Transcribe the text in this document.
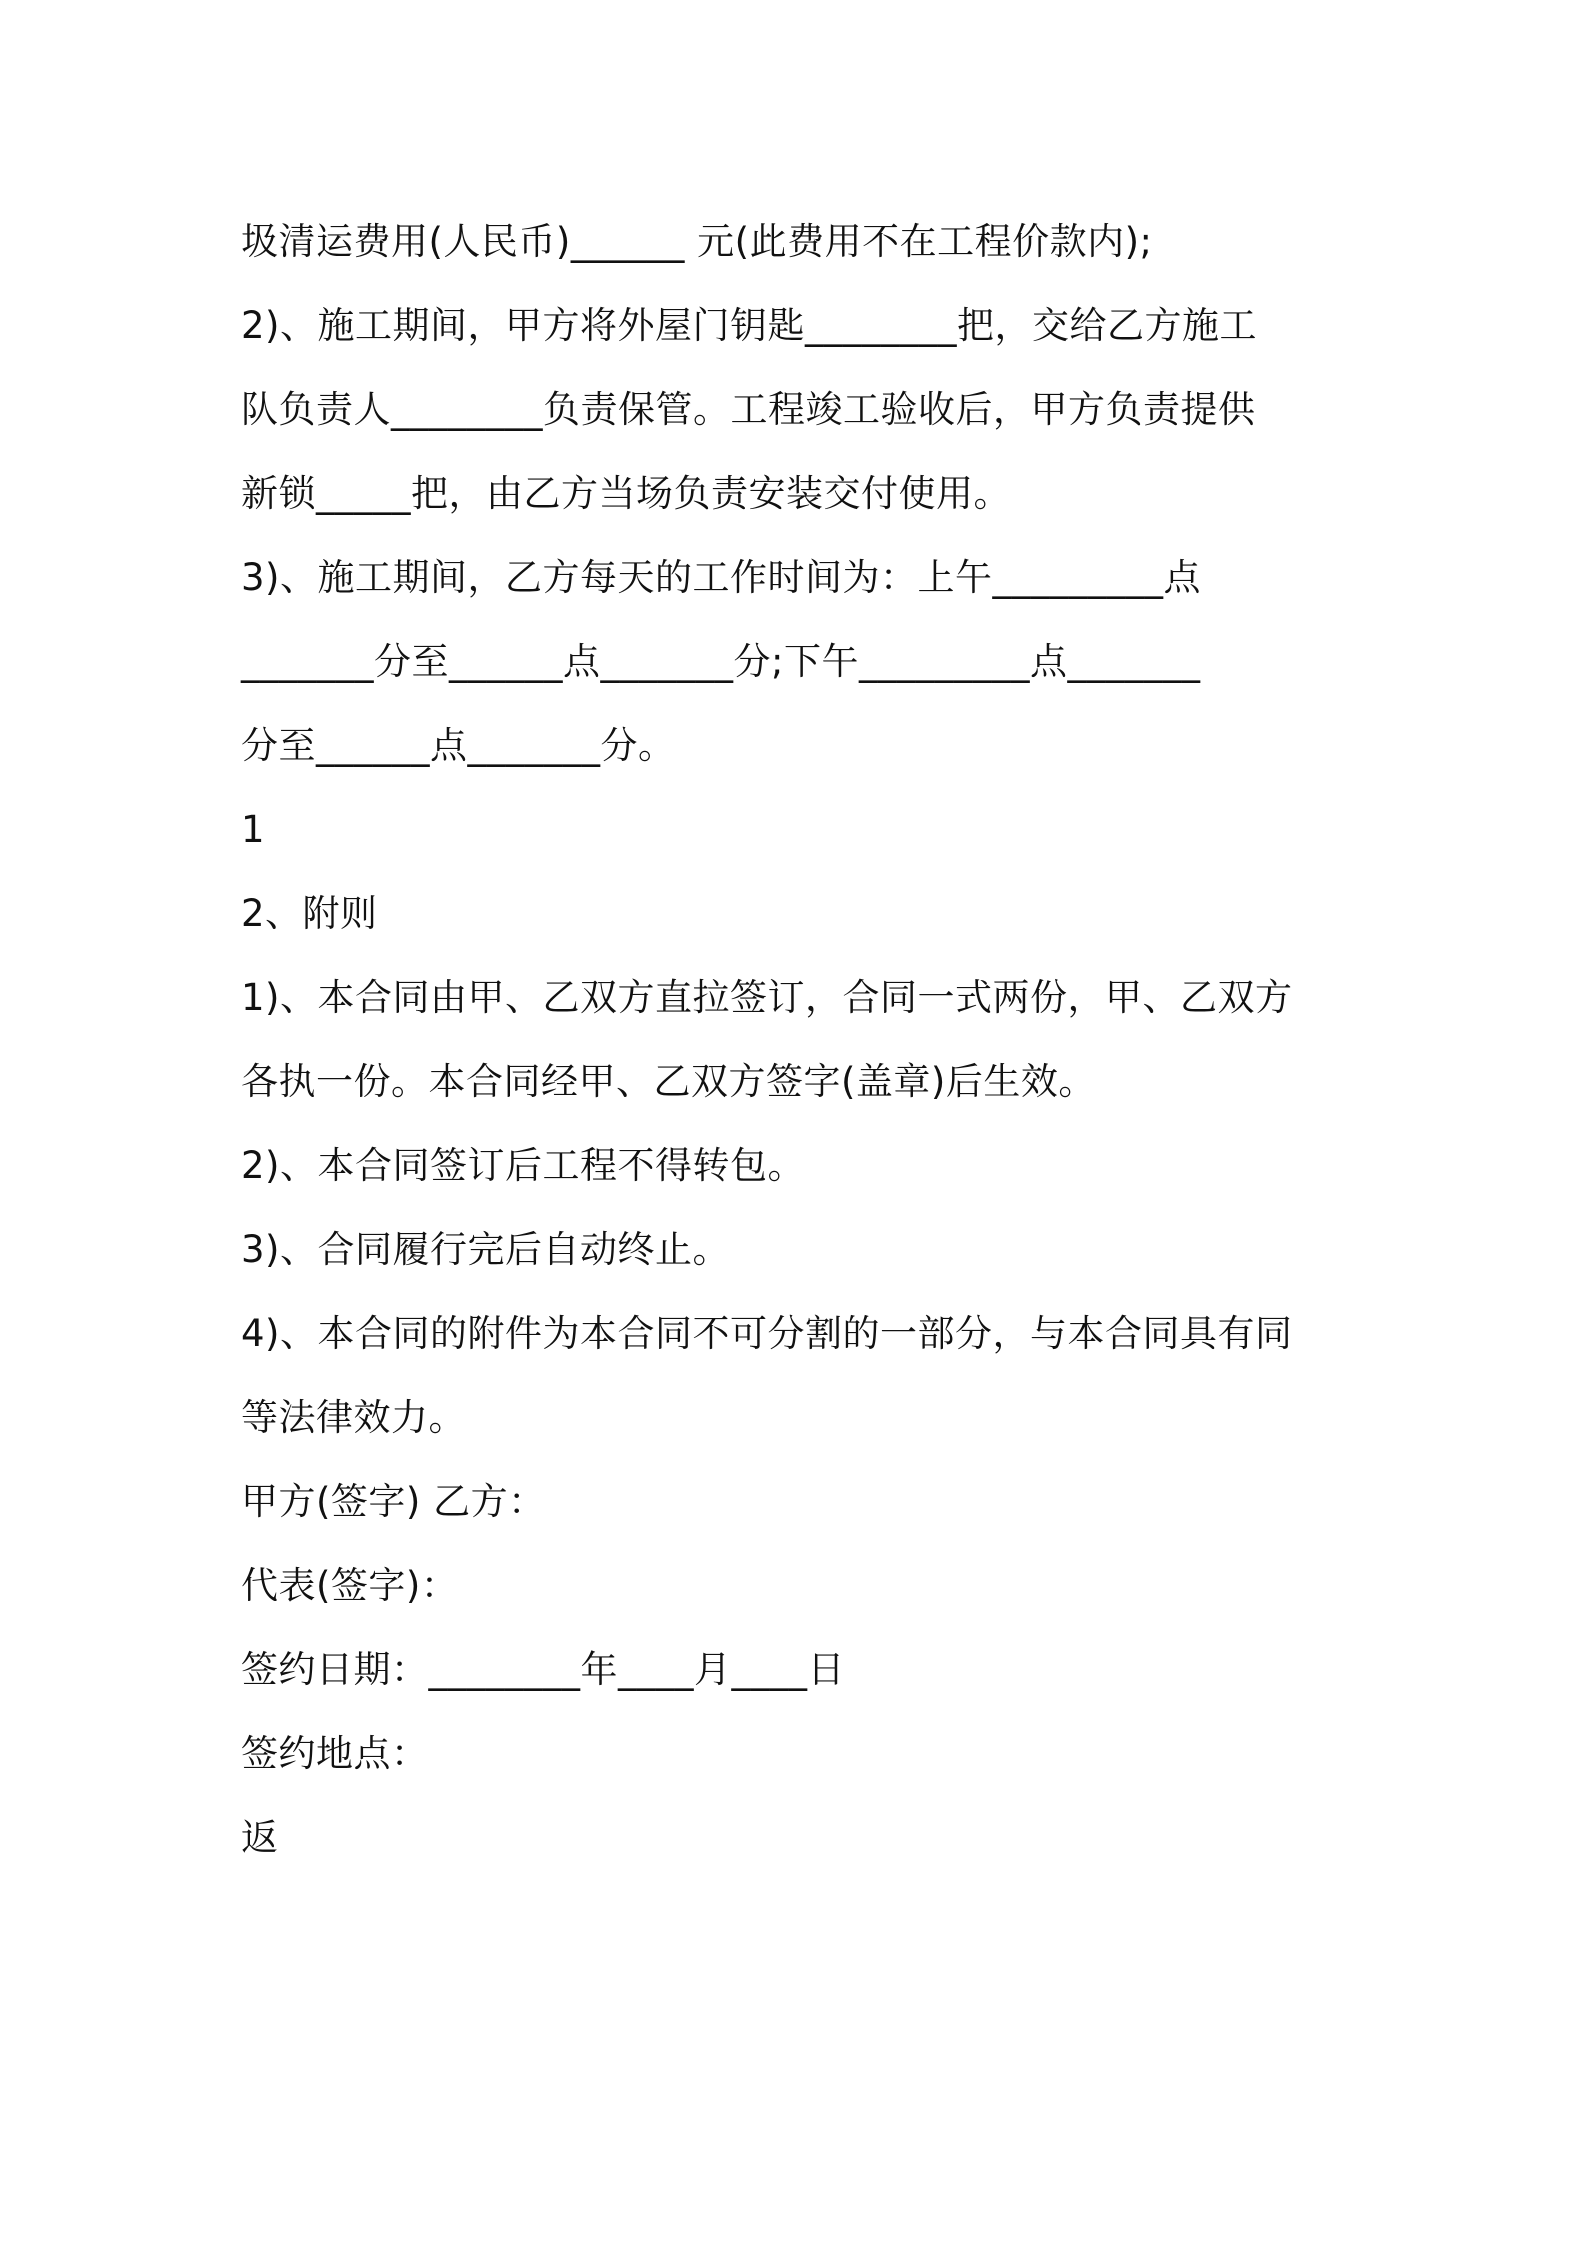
圾清运费用(人民币)______ 元(此费用不在工程价款内);
2)、施工期间，甲方将外屋门钥匙________把，交给乙方施工
队负责人________负责保管。工程竣工验收后，甲方负责提供
新锁_____把，由乙方当场负责安装交付使用。
3)、施工期间，乙方每天的工作时间为：上午_________点
_______分至______点_______分;下午_________点_______
分至______点_______分。
1
2、附则
1)、本合同由甲、乙双方直拉签订，合同一式两份，甲、乙双方
各执一份。本合同经甲、乙双方签字(盖章)后生效。
2)、本合同签订后工程不得转包。
3)、合同履行完后自动终止。
4)、本合同的附件为本合同不可分割的一部分，与本合同具有同
等法律效力。
甲方(签字) 乙方：
代表(签字)：
签约日期：________年____月____日
签约地点：
返
